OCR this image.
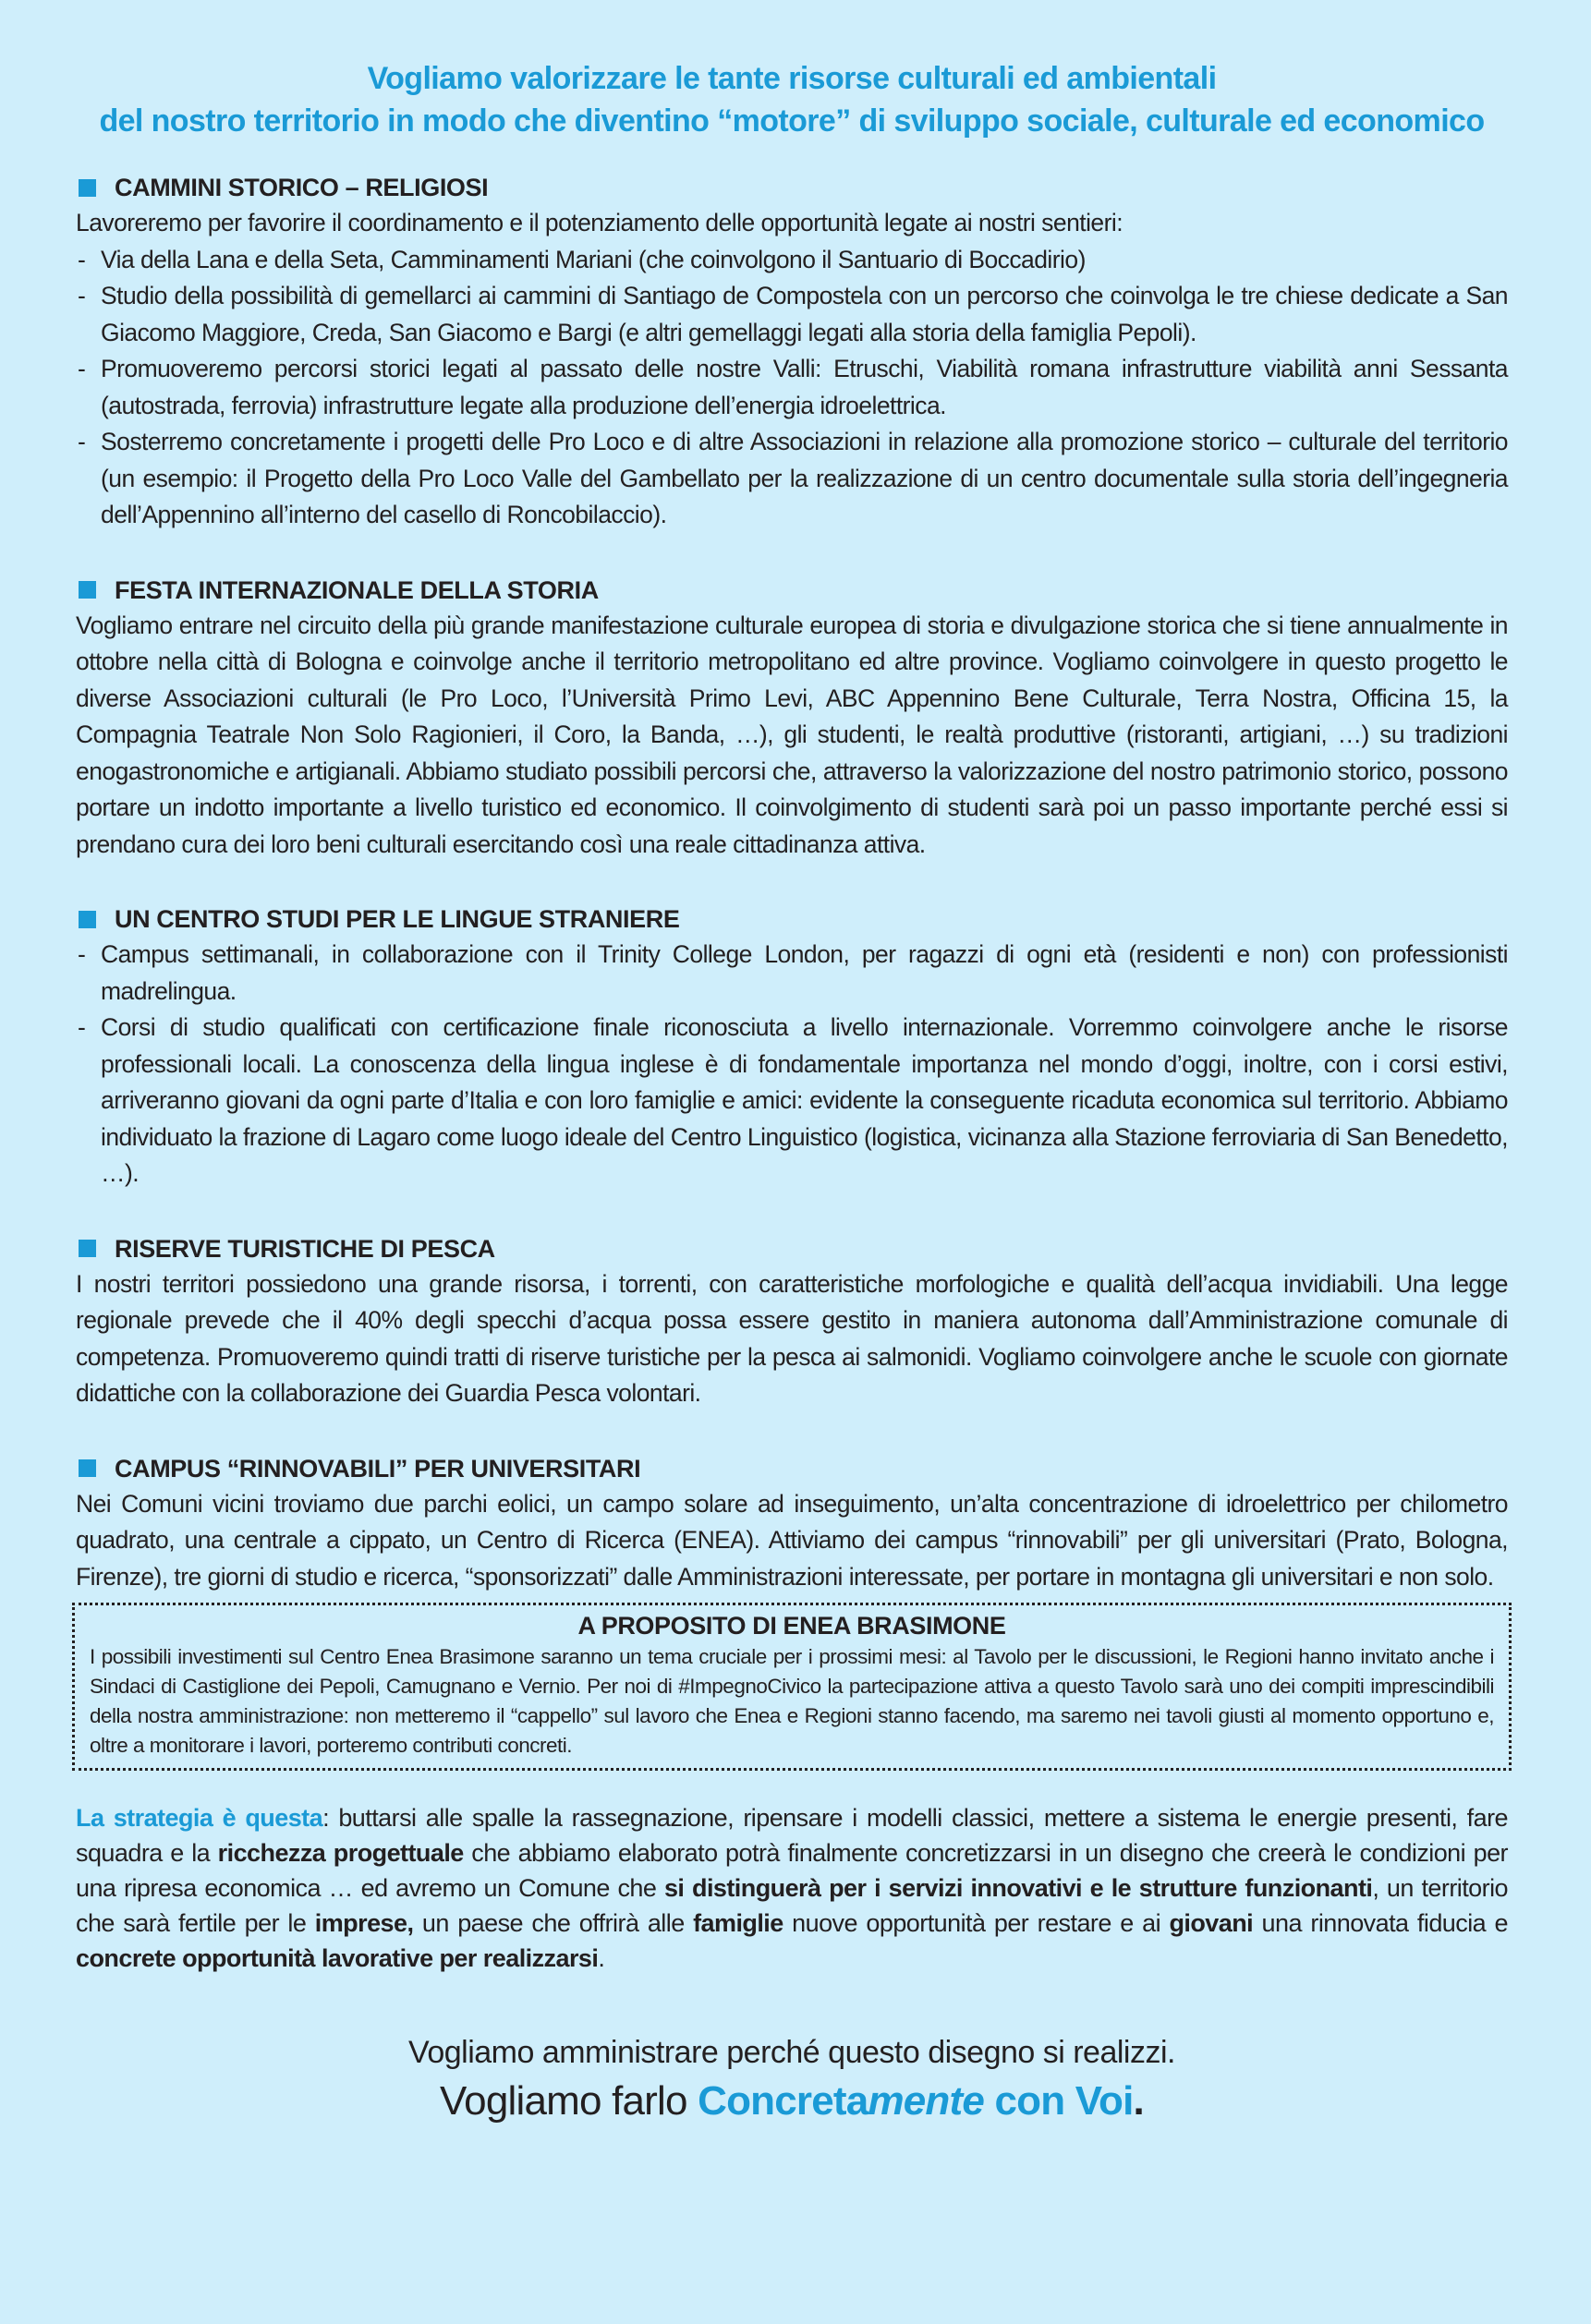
Vogliamo valorizzare le tante risorse culturali ed ambientali
del nostro territorio in modo che diventino “motore” di sviluppo sociale, culturale ed economico
CAMMINI STORICO – RELIGIOSI

Lavoreremo per favorire il coordinamento e il potenziamento delle opportunità legate ai nostri sentieri:

- Via della Lana e della Seta, Camminamenti Mariani (che coinvolgono il Santuario di Boccadirio)
- Studio della possibilità di gemellarci ai cammini di Santiago de Compostela con un percorso che coinvolga le tre chiese dedicate a San Giacomo Maggiore, Creda, San Giacomo e Bargi (e altri gemellaggi legati alla storia della famiglia Pepoli).
- Promuoveremo percorsi storici legati al passato delle nostre Valli: Etruschi, Viabilità romana infrastrutture viabilità anni Sessanta (autostrada, ferrovia) infrastrutture legate alla produzione dell’energia idroelettrica.
- Sosterremo concretamente i progetti delle Pro Loco e di altre Associazioni in relazione alla promozione storico – culturale del territorio (un esempio: il Progetto della Pro Loco Valle del Gambellato per la realizzazione di un centro documentale sulla storia dell’ingegneria dell’Appennino all’interno del casello di Roncobilaccio).
FESTA INTERNAZIONALE DELLA STORIA

Vogliamo entrare nel circuito della più grande manifestazione culturale europea di storia e divulgazione storica che si tiene annualmente in ottobre nella città di Bologna e coinvolge anche il territorio metropolitano ed altre province. Vogliamo coinvolgere in questo progetto le diverse Associazioni culturali (le Pro Loco, l’Università Primo Levi, ABC Appennino Bene Culturale, Terra Nostra, Officina 15, la Compagnia Teatrale Non Solo Ragionieri, il Coro, la Banda, …), gli studenti, le realtà produttive (ristoranti, artigiani, …) su tradizioni enogastronomiche e artigianali. Abbiamo studiato possibili percorsi che, attraverso la valorizzazione del nostro patrimonio storico, possono portare un indotto importante a livello turistico ed economico. Il coinvolgimento di studenti sarà poi un passo importante perché essi si prendano cura dei loro beni culturali esercitando così una reale cittadinanza attiva.

UN CENTRO STUDI PER LE LINGUE STRANIERE
- Campus settimanali, in collaborazione con il Trinity College London, per ragazzi di ogni età (residenti e non) con professionisti madrelingua.
- Corsi di studio qualificati con certificazione finale riconosciuta a livello internazionale. Vorremmo coinvolgere anche le risorse professionali locali. La conoscenza della lingua inglese è di fondamentale importanza nel mondo d’oggi, inoltre, con i corsi estivi, arriveranno giovani da ogni parte d’Italia e con loro famiglie e amici: evidente la conseguente ricaduta economica sul territorio. Abbiamo individuato la frazione di Lagaro come luogo ideale del Centro Linguistico (logistica, vicinanza alla Stazione ferroviaria di San Benedetto, …).
RISERVE TURISTICHE DI PESCA

I nostri territori possiedono una grande risorsa, i torrenti, con caratteristiche morfologiche e qualità dell’acqua invidiabili. Una legge regionale prevede che il 40% degli specchi d’acqua possa essere gestito in maniera autonoma dall’Amministrazione comunale di competenza. Promuoveremo quindi tratti di riserve turistiche per la pesca ai salmonidi. Vogliamo coinvolgere anche le scuole con giornate didattiche con la collaborazione dei Guardia Pesca volontari.

CAMPUS “RINNOVABILI” PER UNIVERSITARI

Nei Comuni vicini troviamo due parchi eolici, un campo solare ad inseguimento, un’alta concentrazione di idroelettrico per chilometro quadrato, una centrale a cippato, un Centro di Ricerca (ENEA). Attiviamo dei campus “rinnovabili” per gli universitari (Prato, Bologna, Firenze), tre giorni di studio e ricerca, “sponsorizzati” dalle Amministrazioni interessate, per portare in montagna gli universitari e non solo.

A PROPOSITO DI ENEA BRASIMONE
I possibili investimenti sul Centro Enea Brasimone saranno un tema cruciale per i prossimi mesi: al Tavolo per le discussioni, le Regioni hanno invitato anche i Sindaci di Castiglione dei Pepoli, Camugnano e Vernio. Per noi di #ImpegnoCivico la partecipazione attiva a questo Tavolo sarà uno dei compiti imprescindibili della nostra amministrazione: non metteremo il “cappello” sul lavoro che Enea e Regioni stanno facendo, ma saremo nei tavoli giusti al momento opportuno e, oltre a monitorare i lavori, porteremo contributi concreti.

La strategia è questa: buttarsi alle spalle la rassegnazione, ripensare i modelli classici, mettere a sistema le energie presenti, fare squadra e la ricchezza progettuale che abbiamo elaborato potrà finalmente concretizzarsi in un disegno che creerà le condizioni per una ripresa economica … ed avremo un Comune che si distinguerà per i servizi innovativi e le strutture funzionanti, un territorio che sarà fertile per le imprese, un paese che offrirà alle famiglie nuove opportunità per restare e ai giovani una rinnovata fiducia e concrete opportunità lavorative per realizzarsi.

Vogliamo amministrare perché questo disegno si realizzi.
Vogliamo farlo Concretamente con Voi.
